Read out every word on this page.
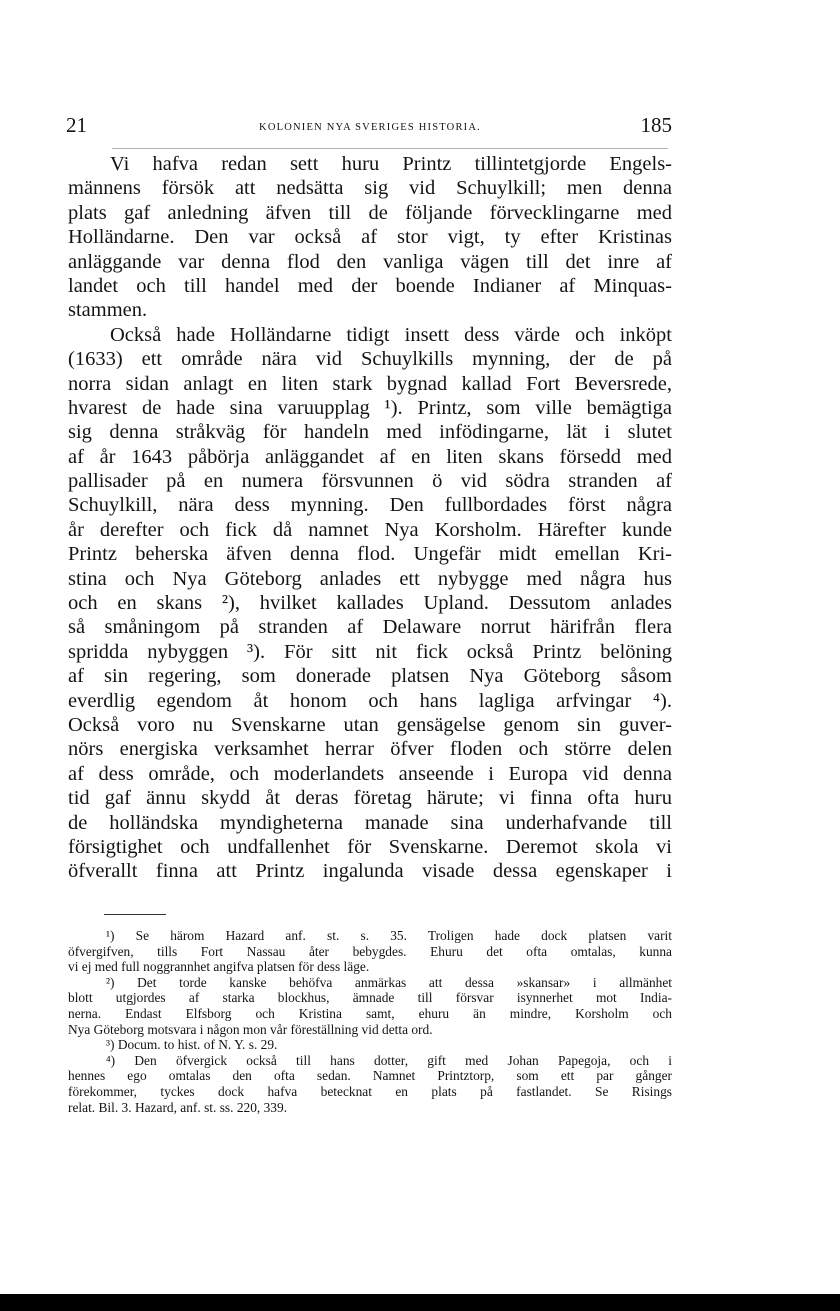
21	KOLONIEN NYA SVERIGES HISTORIA.	185
Vi hafva redan sett huru Printz tillintetgjorde Engels-
männens försök att nedsätta sig vid Schuylkill; men denna
plats gaf anledning äfven till de följande förvecklingarne med
Holländarne. Den var också af stor vigt, ty efter Kristinas
anläggande var denna flod den vanliga vägen till det inre af
landet och till handel med der boende Indianer af Minquas-
stammen.
Också hade Holländarne tidigt insett dess värde och inköpt
(1633) ett område nära vid Schuylkills mynning, der de på
norra sidan anlagt en liten stark bygnad kallad Fort Beversrede,
hvarest de hade sina varuupplag ¹). Printz, som ville bemägtiga
sig denna stråkväg för handeln med infödingarne, lät i slutet
af år 1643 påbörja anläggandet af en liten skans försedd med
pallisader på en numera försvunnen ö vid södra stranden af
Schuylkill, nära dess mynning. Den fullbordades först några
år derefter och fick då namnet Nya Korsholm. Härefter kunde
Printz beherska äfven denna flod. Ungefär midt emellan Kri-
stina och Nya Göteborg anlades ett nybygge med några hus
och en skans ²), hvilket kallades Upland. Dessutom anlades
så småningom på stranden af Delaware norrut härifrån flera
spridda nybyggen ³). För sitt nit fick också Printz belöning
af sin regering, som donerade platsen Nya Göteborg såsom
everdlig egendom åt honom och hans lagliga arfvingar ⁴).
Också voro nu Svenskarne utan gensägelse genom sin guver-
nörs energiska verksamhet herrar öfver floden och större delen
af dess område, och moderlandets anseende i Europa vid denna
tid gaf ännu skydd åt deras företag härute; vi finna ofta huru
de holländska myndigheterna manade sina underhafvande till
försigtighet och undfallenhet för Svenskarne. Deremot skola vi
öfverallt finna att Printz ingalunda visade dessa egenskaper i
¹) Se härom Hazard anf. st. s. 35. Troligen hade dock platsen varit
öfvergifven, tills Fort Nassau åter bebygdes. Ehuru det ofta omtalas, kunna
vi ej med full noggrannhet angifva platsen för dess läge.
²) Det torde kanske behöfva anmärkas att dessa »skansar» i allmänhet
blott utgjordes af starka blockhus, ämnade till försvar isynnerhet mot India-
nerna. Endast Elfsborg och Kristina samt, ehuru än mindre, Korsholm och
Nya Göteborg motsvara i någon mon vår föreställning vid detta ord.
³) Docum. to hist. of N. Y. s. 29.
⁴) Den öfvergick också till hans dotter, gift med Johan Papegoja, och i
hennes ego omtalas den ofta sedan. Namnet Printztorp, som ett par gånger
förekommer, tyckes dock hafva betecknat en plats på fastlandet. Se Risings
relat. Bil. 3. Hazard, anf. st. ss. 220, 339.
